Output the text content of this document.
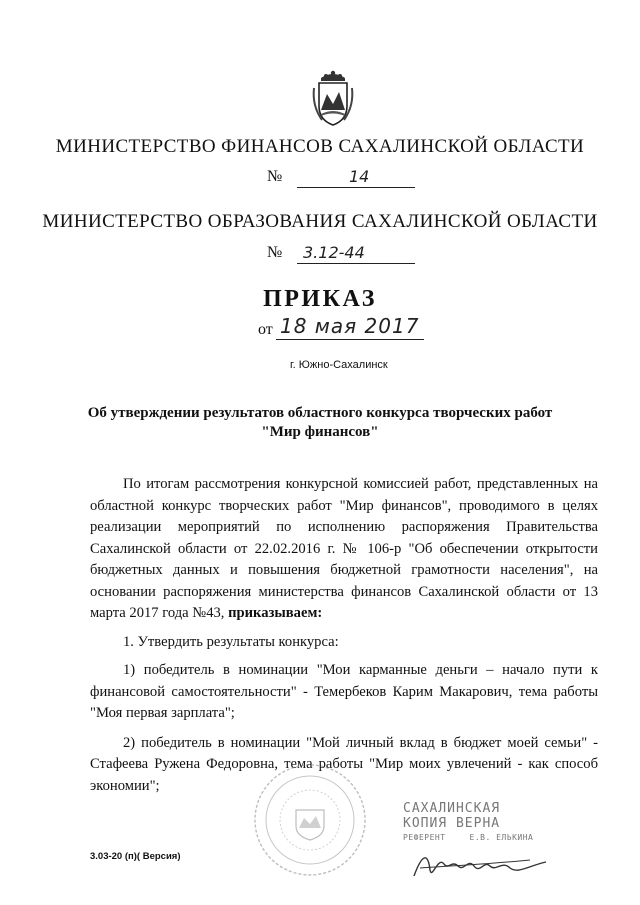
МИНИСТЕРСТВО ФИНАНСОВ САХАЛИНСКОЙ ОБЛАСТИ
№	14
МИНИСТЕРСТВО ОБРАЗОВАНИЯ САХАЛИНСКОЙ ОБЛАСТИ
№ 3.12-44
ПРИКАЗ
от 18 мая 2017
г. Южно-Сахалинск
Об утверждении результатов областного конкурса творческих работ
"Мир финансов"

По итогам рассмотрения конкурсной комиссией работ, представленных на областной конкурс творческих работ "Мир финансов", проводимого в целях реализации мероприятий по исполнению распоряжения Правительства Сахалинской области от 22.02.2016 г. № 106-р "Об обеспечении открытости бюджетных данных и повышения бюджетной грамотности населения", на основании распоряжения министерства финансов Сахалинской области от 13 марта 2017 года №43, приказываем:

1. Утвердить результаты конкурса:

1) победитель в номинации "Мои карманные деньги – начало пути к финансовой самостоятельности" - Темербеков Карим Макарович, тема работы "Моя первая зарплата";

2) победитель в номинации "Мой личный вклад в бюджет моей семьи" - Стафеева Ружена Федоровна, тема работы "Мир моих увлечений - как способ экономии";

САХАЛИНСКАЯ
КОПИЯ ВЕРНА
РЕФЕРЕНТ	Е.В. ЕЛЬКИНА
3.03-20 (п)( Версия)
